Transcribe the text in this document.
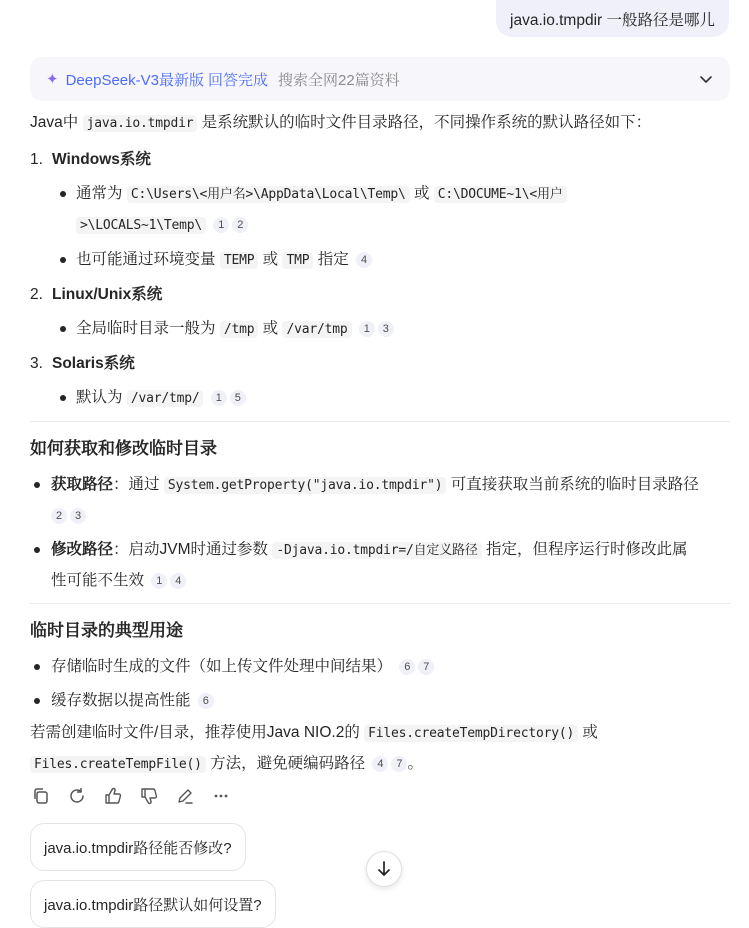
java.io.tmpdir 一般路径是哪儿
✦ DeepSeek-V3最新版 回答完成 搜索全网22篇资料
Java中 java.io.tmpdir 是系统默认的临时文件目录路径，不同操作系统的默认路径如下：
1. Windows系统
通常为 C:\Users\<用户名>\AppData\Local\Temp\ 或 C:\DOCUME~1\<用户
>\LOCALS~1\Temp\ 1 2
也可能通过环境变量 TEMP 或 TMP 指定 4
2. Linux/Unix系统
全局临时目录一般为 /tmp 或 /var/tmp 1 3
3. Solaris系统
默认为 /var/tmp/ 1 5
如何获取和修改临时目录
获取路径：通过 System.getProperty("java.io.tmpdir") 可直接获取当前系统的临时目录路径
2 3
修改路径：启动JVM时通过参数 -Djava.io.tmpdir=/自定义路径 指定，但程序运行时修改此属
性可能不生效 1 4
临时目录的典型用途
存储临时生成的文件（如上传文件处理中间结果） 6 7
缓存数据以提高性能 6
若需创建临时文件/目录，推荐使用Java NIO.2的 Files.createTempDirectory() 或
Files.createTempFile() 方法，避免硬编码路径 4 7 。
java.io.tmpdir路径能否修改?
java.io.tmpdir路径默认如何设置?
